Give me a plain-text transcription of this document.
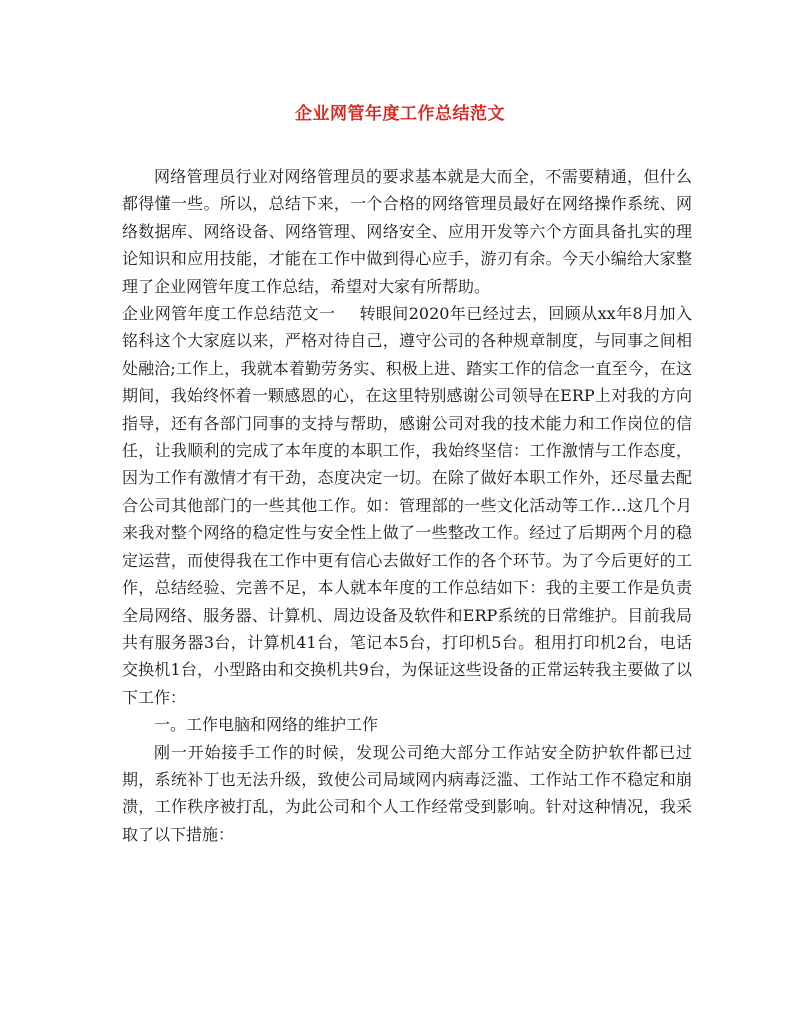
企业网管年度工作总结范文

网络管理员行业对网络管理员的要求基本就是大而全，不需要精通，但什么都得懂一些。所以，总结下来，一个合格的网络管理员最好在网络操作系统、网络数据库、网络设备、网络管理、网络安全、应用开发等六个方面具备扎实的理论知识和应用技能，才能在工作中做到得心应手，游刃有余。今天小编给大家整理了企业网管年度工作总结，希望对大家有所帮助。

企业网管年度工作总结范文一 转眼间2020年已经过去，回顾从xx年8月加入铭科这个大家庭以来，严格对待自己，遵守公司的各种规章制度，与同事之间相处融洽;工作上，我就本着勤劳务实、积极上进、踏实工作的信念一直至今，在这期间，我始终怀着一颗感恩的心，在这里特别感谢公司领导在ERP上对我的方向指导，还有各部门同事的支持与帮助，感谢公司对我的技术能力和工作岗位的信任，让我顺利的完成了本年度的本职工作，我始终坚信：工作激情与工作态度，因为工作有激情才有干劲，态度决定一切。在除了做好本职工作外，还尽量去配合公司其他部门的一些其他工作。如：管理部的一些文化活动等工作…这几个月来我对整个网络的稳定性与安全性上做了一些整改工作。经过了后期两个月的稳定运营，而使得我在工作中更有信心去做好工作的各个环节。为了今后更好的工作，总结经验、完善不足，本人就本年度的工作总结如下：我的主要工作是负责全局网络、服务器、计算机、周边设备及软件和ERP系统的日常维护。目前我局共有服务器3台，计算机41台，笔记本5台，打印机5台。租用打印机2台，电话交换机1台，小型路由和交换机共9台，为保证这些设备的正常运转我主要做了以下工作：

一。工作电脑和网络的维护工作

刚一开始接手工作的时候，发现公司绝大部分工作站安全防护软件都已过期，系统补丁也无法升级，致使公司局域网内病毒泛滥、工作站工作不稳定和崩溃，工作秩序被打乱，为此公司和个人工作经常受到影响。针对这种情况，我采取了以下措施：
